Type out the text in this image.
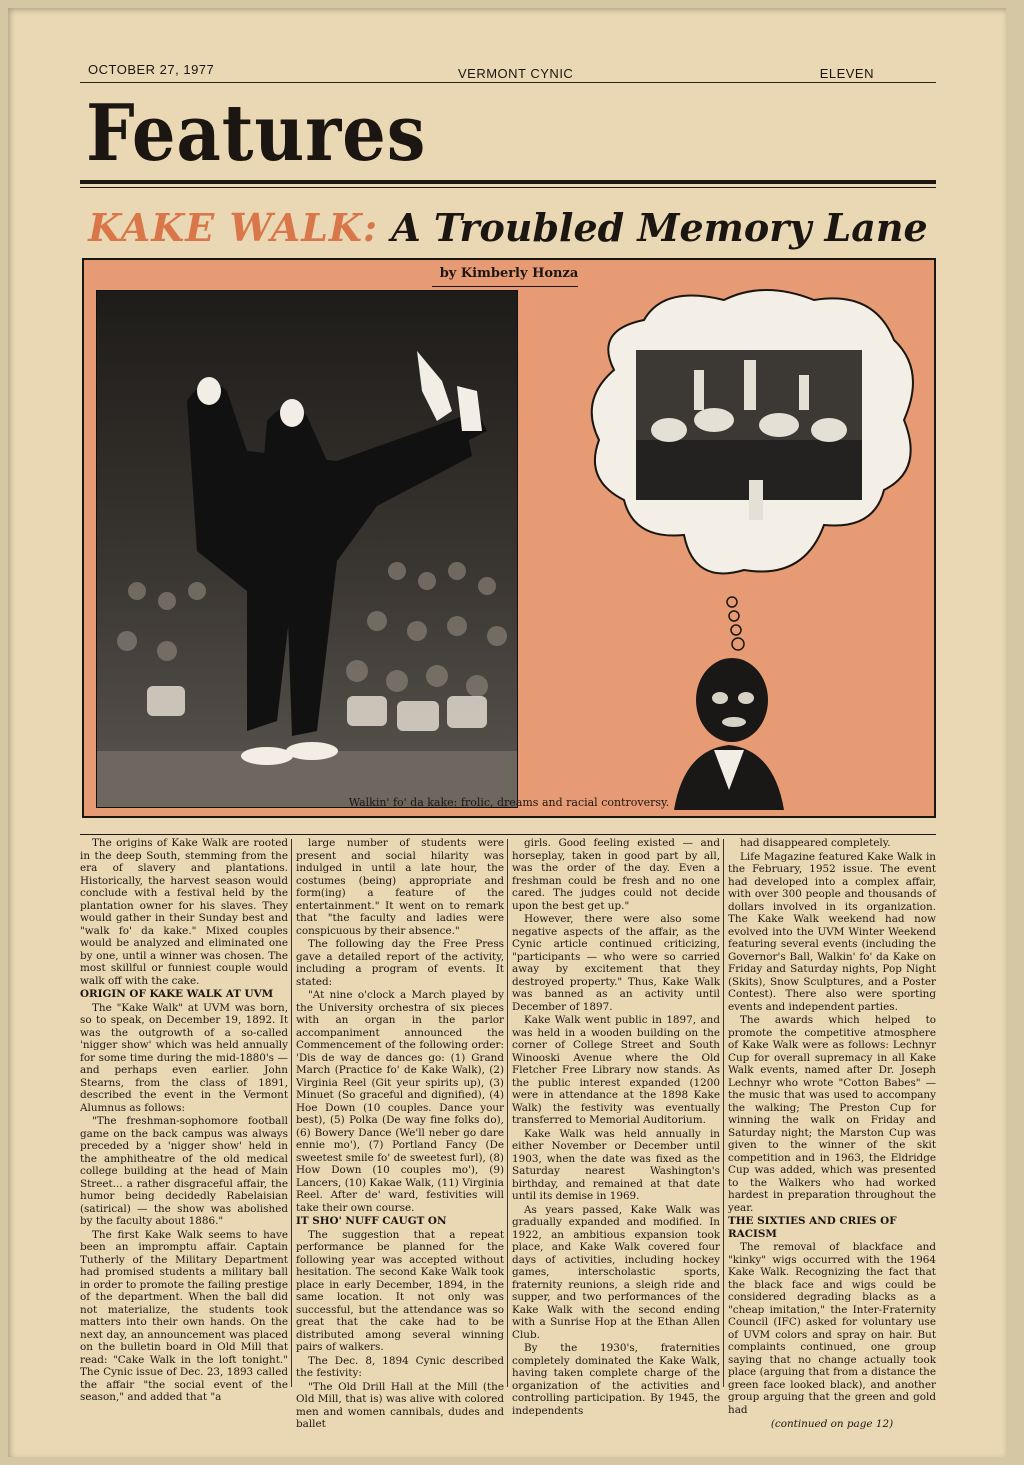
OCTOBER 27, 1977	VERMONT CYNIC	ELEVEN
Features
KAKE WALK: A Troubled Memory Lane
by Kimberly Honza
Walkin' fo' da kake: frolic, dreams and racial controversy.

The origins of Kake Walk are rooted in the deep South, stemming from the era of slavery and plantations. Historically, the harvest season would conclude with a festival held by the plantation owner for his slaves. They would gather in their Sunday best and "walk fo' da kake." Mixed couples would be analyzed and eliminated one by one, until a winner was chosen. The most skillful or funniest couple would walk off with the cake.

ORIGIN OF KAKE WALK AT UVM

The "Kake Walk" at UVM was born, so to speak, on December 19, 1892. It was the outgrowth of a so-called 'nigger show' which was held annually for some time during the mid-1880's — and perhaps even earlier. John Stearns, from the class of 1891, described the event in the Vermont Alumnus as follows:

"The freshman-sophomore football game on the back campus was always preceded by a 'nigger show' held in the amphitheatre of the old medical college building at the head of Main Street... a rather disgraceful affair, the humor being decidedly Rabelaisian (satirical) — the show was abolished by the faculty about 1886."

The first Kake Walk seems to have been an impromptu affair. Captain Tutherly of the Military Department had promised students a military ball in order to promote the failing prestige of the department. When the ball did not materialize, the students took matters into their own hands. On the next day, an announcement was placed on the bulletin board in Old Mill that read: "Cake Walk in the loft tonight." The Cynic issue of Dec. 23, 1893 called the affair "the social event of the season," and added that "a

large number of students were present and social hilarity was indulged in until a late hour, the costumes (being) appropriate and form(ing) a feature of the entertainment." It went on to remark that "the faculty and ladies were conspicuous by their absence."

The following day the Free Press gave a detailed report of the activity, including a program of events. It stated:

"At nine o'clock a March played by the University orchestra of six pieces with an organ in the parlor accompaniment announced the Commencement of the following order: 'Dis de way de dances go: (1) Grand March (Practice fo' de Kake Walk), (2) Virginia Reel (Git yeur spirits up), (3) Minuet (So graceful and dignified), (4) Hoe Down (10 couples. Dance your best), (5) Polka (De way fine folks do), (6) Bowery Dance (We'll neber go dare ennie mo'), (7) Portland Fancy (De sweetest smile fo' de sweetest furl), (8) How Down (10 couples mo'), (9) Lancers, (10) Kakae Walk, (11) Virginia Reel. After de' ward, festivities will take their own course.

IT SHO' NUFF CAUGT ON

The suggestion that a repeat performance be planned for the following year was accepted without hesitation. The second Kake Walk took place in early December, 1894, in the same location. It not only was successful, but the attendance was so great that the cake had to be distributed among several winning pairs of walkers.

The Dec. 8, 1894 Cynic described the festivity:

"The Old Drill Hall at the Mill (the Old Mill, that is) was alive with colored men and women cannibals, dudes and ballet

girls. Good feeling existed — and horseplay, taken in good part by all, was the order of the day. Even a freshman could be fresh and no one cared. The judges could not decide upon the best get up."

However, there were also some negative aspects of the affair, as the Cynic article continued criticizing, "participants — who were so carried away by excitement that they destroyed property." Thus, Kake Walk was banned as an activity until December of 1897.

Kake Walk went public in 1897, and was held in a wooden building on the corner of College Street and South Winooski Avenue where the Old Fletcher Free Library now stands. As the public interest expanded (1200 were in attendance at the 1898 Kake Walk) the festivity was eventually transferred to Memorial Auditorium.

Kake Walk was held annually in either November or December until 1903, when the date was fixed as the Saturday nearest Washington's birthday, and remained at that date until its demise in 1969.

As years passed, Kake Walk was gradually expanded and modified. In 1922, an ambitious expansion took place, and Kake Walk covered four days of activities, including hockey games, interscholastic sports, fraternity reunions, a sleigh ride and supper, and two performances of the Kake Walk with the second ending with a Sunrise Hop at the Ethan Allen Club.

By the 1930's, fraternities completely dominated the Kake Walk, having taken complete charge of the organization of the activities and controlling participation. By 1945, the independents

had disappeared completely.

Life Magazine featured Kake Walk in the February, 1952 issue. The event had developed into a complex affair, with over 300 people and thousands of dollars involved in its organization. The Kake Walk weekend had now evolved into the UVM Winter Weekend featuring several events (including the Governor's Ball, Walkin' fo' da Kake on Friday and Saturday nights, Pop Night (Skits), Snow Sculptures, and a Poster Contest). There also were sporting events and independent parties.

The awards which helped to promote the competitive atmosphere of Kake Walk were as follows: Lechnyr Cup for overall supremacy in all Kake Walk events, named after Dr. Joseph Lechnyr who wrote "Cotton Babes" — the music that was used to accompany the walking; The Preston Cup for winning the walk on Friday and Saturday night; the Marston Cup was given to the winner of the skit competition and in 1963, the Eldridge Cup was added, which was presented to the Walkers who had worked hardest in preparation throughout the year.

THE SIXTIES AND CRIES OF RACISM

The removal of blackface and "kinky" wigs occurred with the 1964 Kake Walk. Recognizing the fact that the black face and wigs could be considered degrading blacks as a "cheap imitation," the Inter-Fraternity Council (IFC) asked for voluntary use of UVM colors and spray on hair. But complaints continued, one group saying that no change actually took place (arguing that from a distance the green face looked black), and another group arguing that the green and gold had

(continued on page 12)
